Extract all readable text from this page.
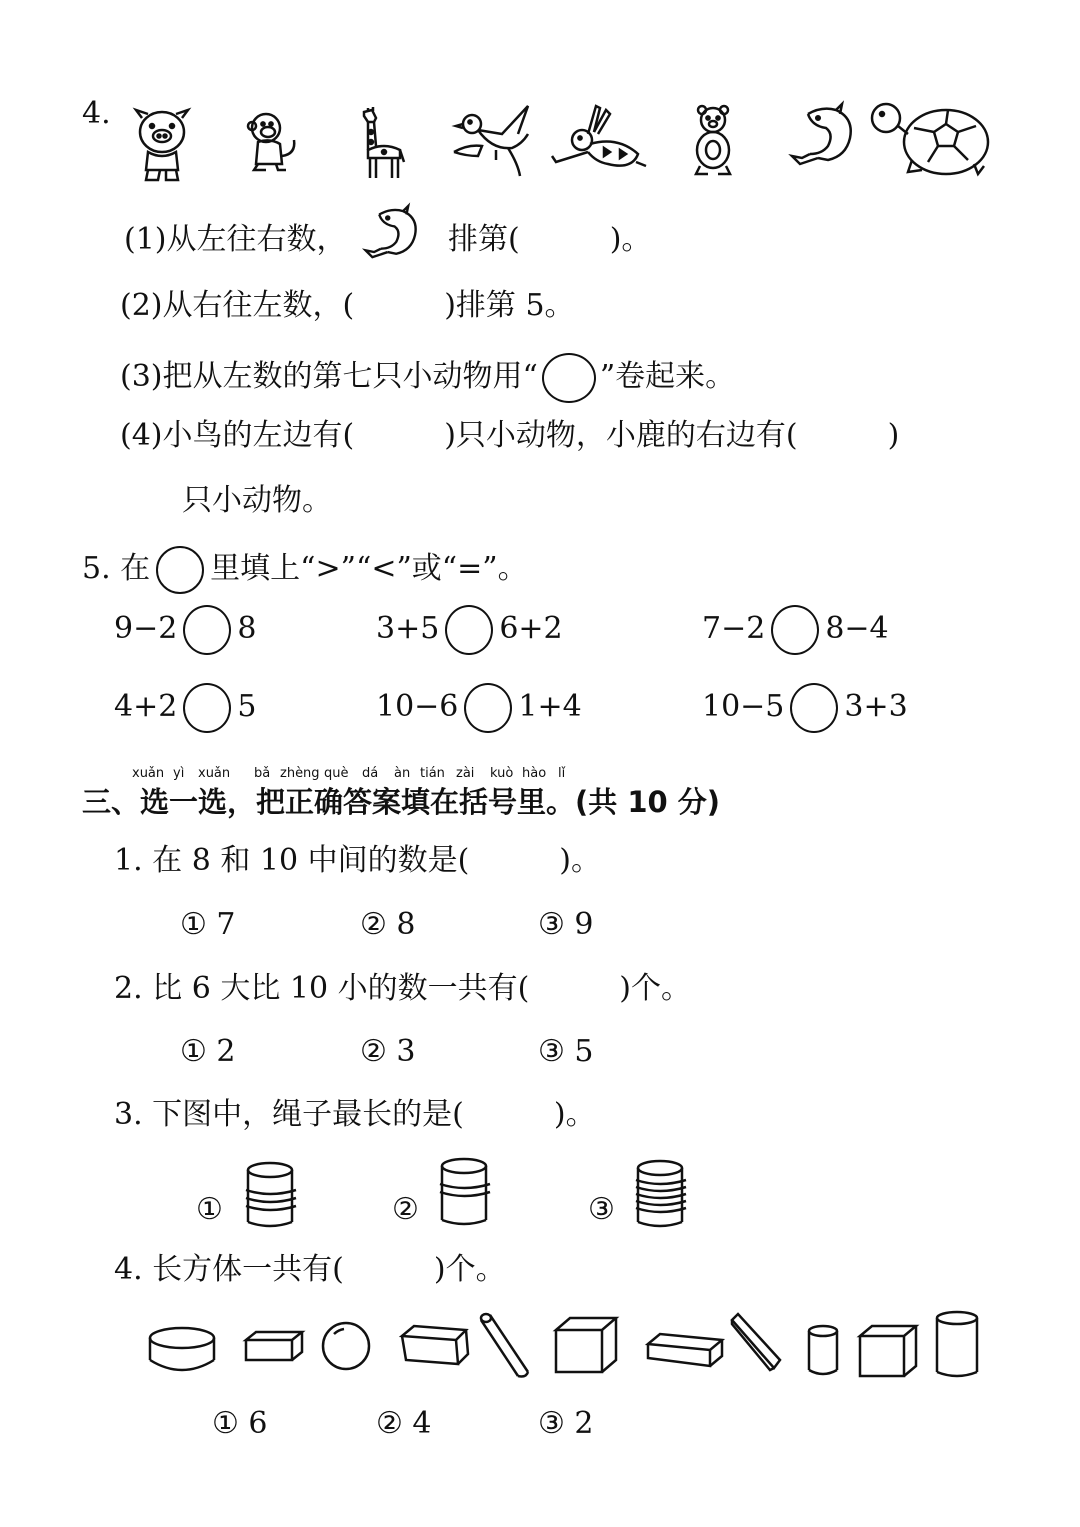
4.
(1)从左往右数，	排第(　　　)。
(2)从右往左数，(　　　)排第 5。
(3)把从左数的第七只小动物用“ ”卷起来。
(4)小鸟的左边有(　　　)只小动物，小鹿的右边有(　　　)
只小动物。
5. 在 里填上“>”“<”或“=”。
9−2 8	3+5 6+2	7−2 8−4
4+2 5	10−6 1+4	10−5 3+3
xuǎn yì xuǎn bǎ zhèng què dá àn tián zài kuò hào lǐ
三、选一选，把正确答案填在括号里。(共 10 分)
1. 在 8 和 10 中间的数是(　　　)。
① 7	② 8	③ 9
2. 比 6 大比 10 小的数一共有(　　　)个。
① 2	② 3	③ 5
3. 下图中，绳子最长的是(　　　)。
①	②	③
4. 长方体一共有(　　　)个。
① 6	② 4	③ 2
